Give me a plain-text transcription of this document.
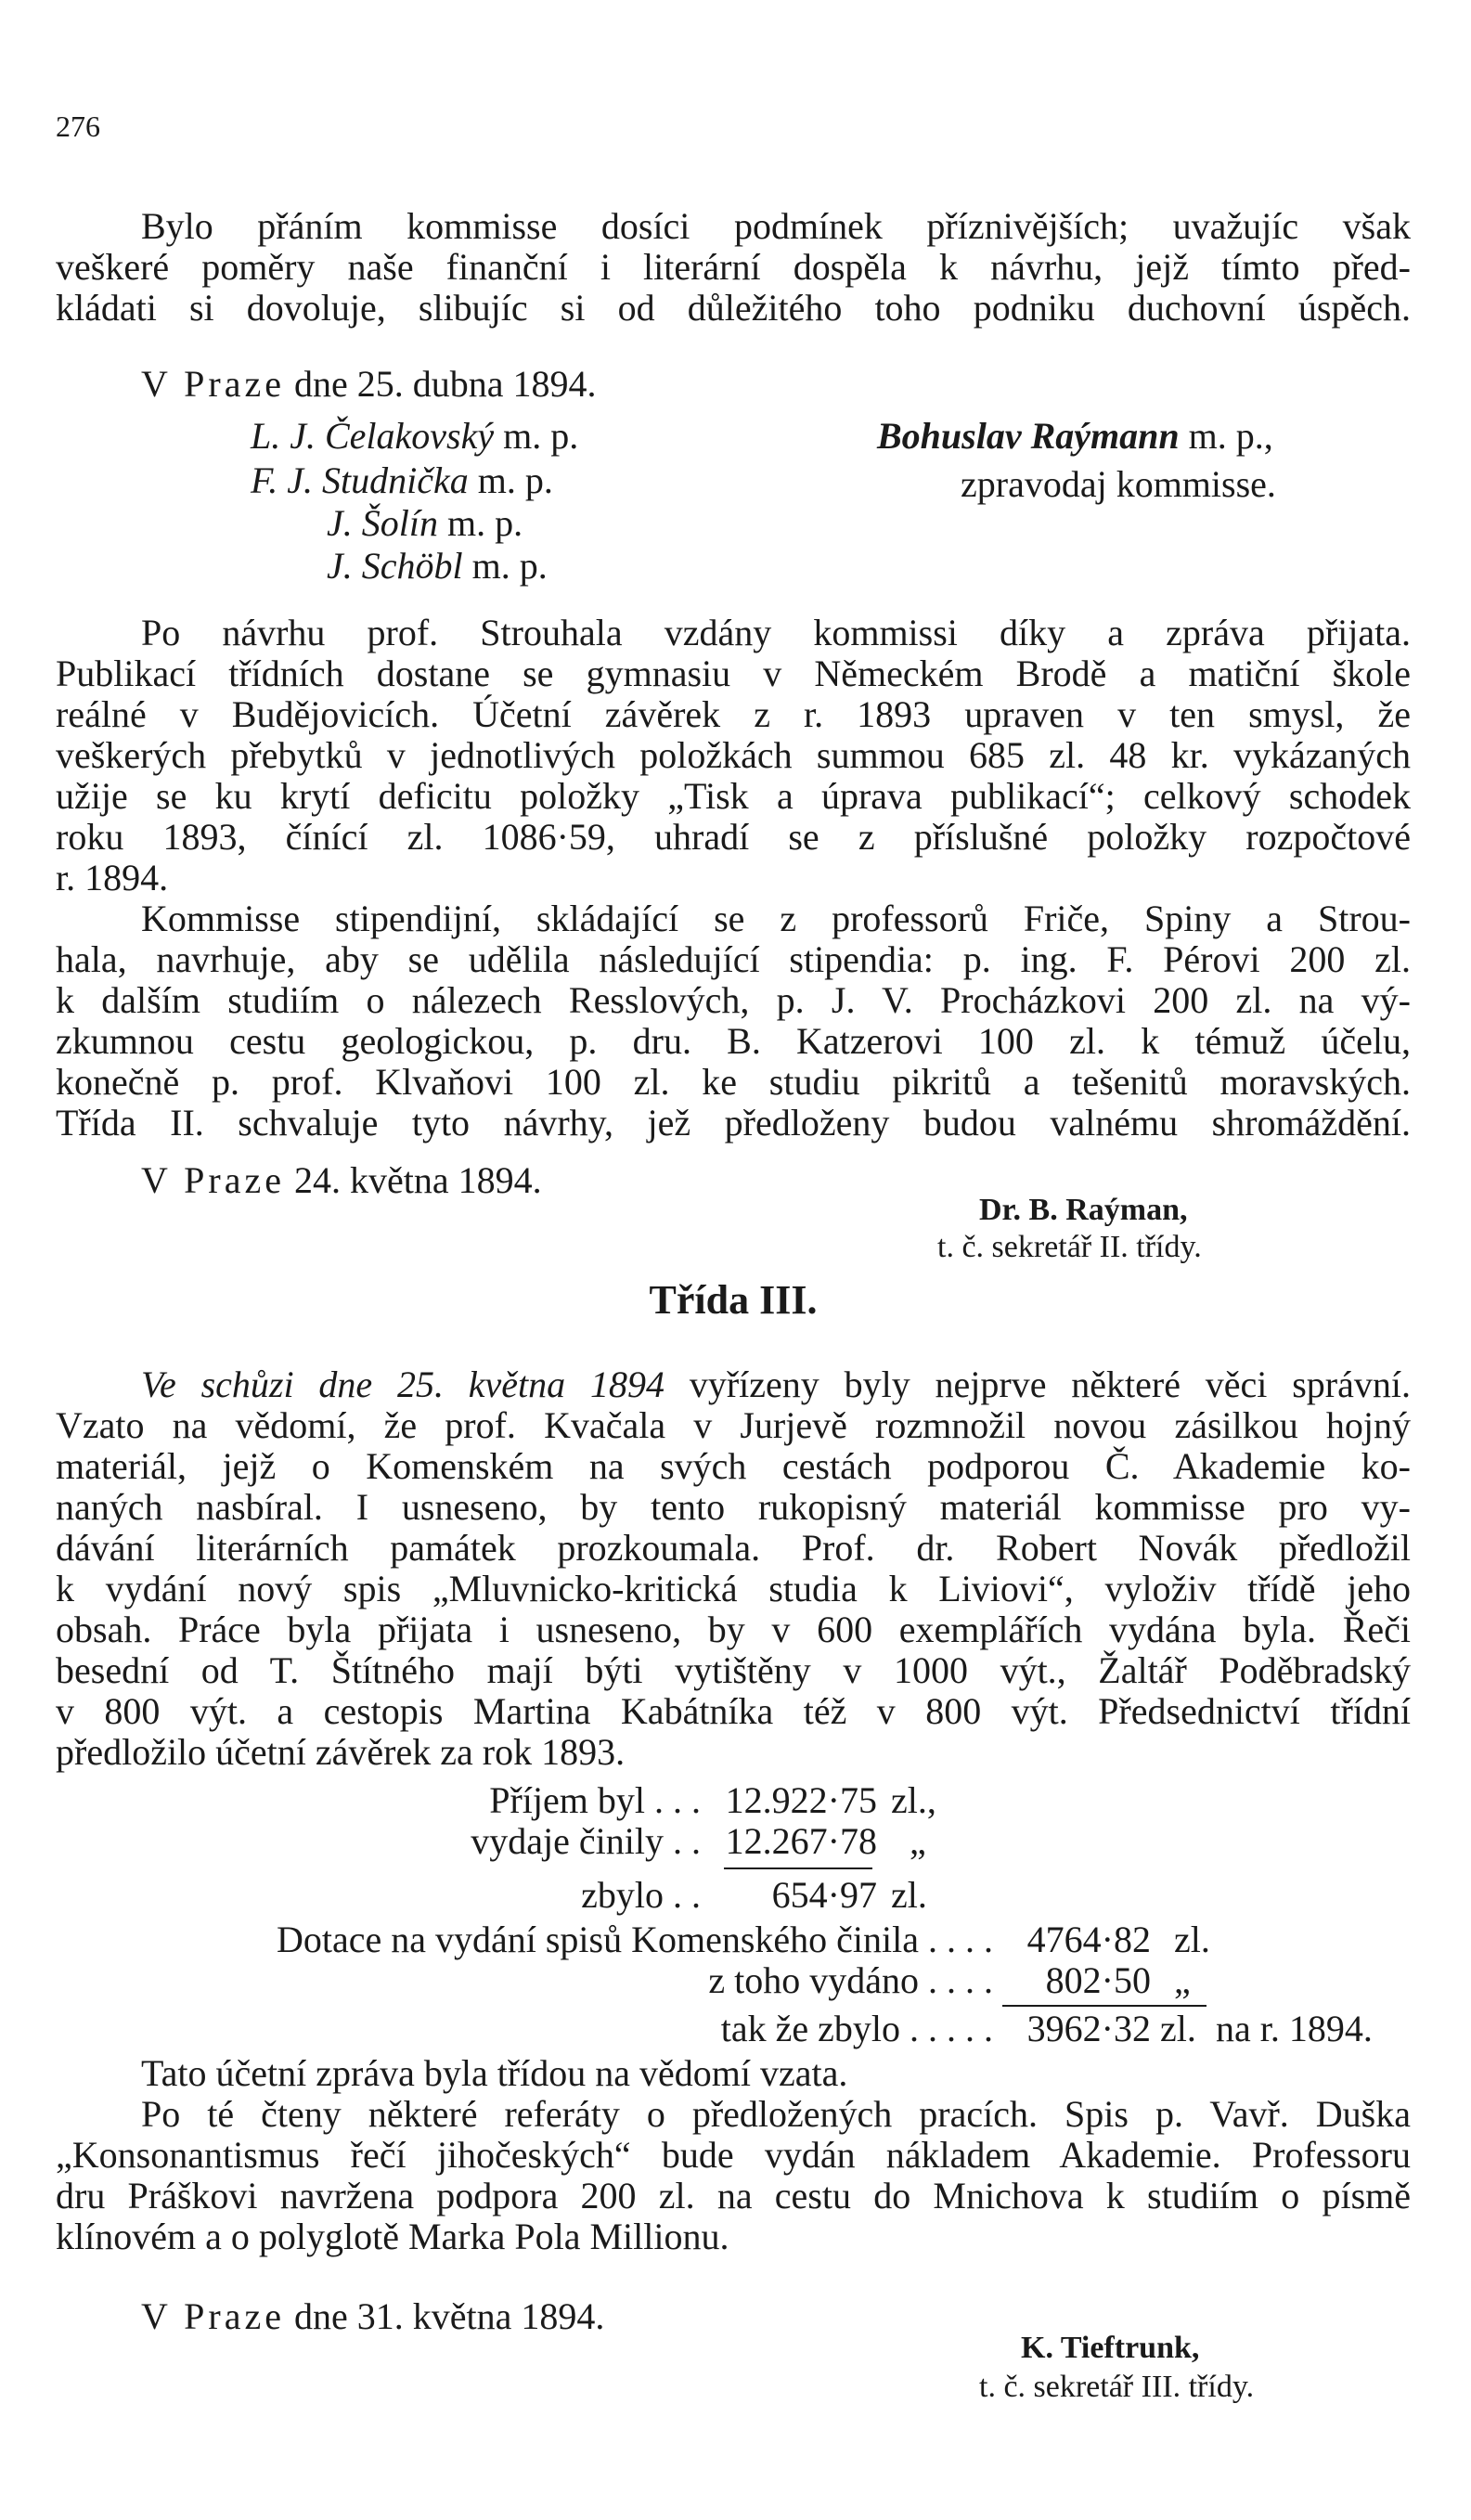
276
Bylo přáním kommisse dosíci podmínek příznivějších; uvažujíc však
veškeré poměry naše finanční i literární dospěla k návrhu, jejž tímto před-
kládati si dovoluje, slibujíc si od důležitého toho podniku duchovní úspěch.
V Praze dne 25. dubna 1894.
L. J. Čelakovský m. p.
F. J. Studnička m. p.
J. Šolín m. p.
J. Schöbl m. p.
Bohuslav Raýmann m. p.,
zpravodaj kommisse.
Po návrhu prof. Strouhala vzdány kommissi díky a zpráva přijata.
Publikací třídních dostane se gymnasiu v Německém Brodě a matiční škole
reálné v Budějovicích. Účetní závěrek z r. 1893 upraven v ten smysl, že
veškerých přebytků v jednotlivých položkách summou 685 zl. 48 kr. vykázaných
užije se ku krytí deficitu položky „Tisk a úprava publikací“; celkový schodek
roku 1893, čínící zl. 1086·59, uhradí se z příslušné položky rozpočtové
r. 1894.
Kommisse stipendijní, skládající se z professorů Friče, Spiny a Strou-
hala, navrhuje, aby se udělila následující stipendia: p. ing. F. Pérovi 200 zl.
k dalším studiím o nálezech Resslových, p. J. V. Procházkovi 200 zl. na vý-
zkumnou cestu geologickou, p. dru. B. Katzerovi 100 zl. k témuž účelu,
konečně p. prof. Klvaňovi 100 zl. ke studiu pikritů a tešenitů moravských.
Třída II. schvaluje tyto návrhy, jež předloženy budou valnému shromáždění.
V Praze 24. května 1894.
Dr. B. Raýman,
t. č. sekretář II. třídy.
Třída III.
Ve schůzi dne 25. května 1894 vyřízeny byly nejprve některé věci správní.
Vzato na vědomí, že prof. Kvačala v Jurjevě rozmnožil novou zásilkou hojný
materiál, jejž o Komenském na svých cestách podporou Č. Akademie ko-
naných nasbíral. I usneseno, by tento rukopisný materiál kommisse pro vy-
dávání literárních památek prozkoumala. Prof. dr. Robert Novák předložil
k vydání nový spis „Mluvnicko-kritická studia k Liviovi“, vyloživ třídě jeho
obsah. Práce byla přijata i usneseno, by v 600 exemplářích vydána byla. Řeči
besední od T. Štítného mají býti vytištěny v 1000 výt., Žaltář Poděbradský
v 800 výt. a cestopis Martina Kabátníka též v 800 výt. Předsednictví třídní
předložilo účetní závěrek za rok 1893.
Příjem byl . . . 12.922·75 zl.,
vydaje činily . . 12.267·78 „
zbylo . .	654·97 zl.
Dotace na vydání spisů Komenského činila . . . . 4764·82 zl.
z toho vydáno . . . .	802·50 „
tak že zbylo . . . . . 3962·32 zl. na r. 1894.
Tato účetní zpráva byla třídou na vědomí vzata.
Po té čteny některé referáty o předložených pracích. Spis p. Vavř. Duška
„Konsonantismus řečí jihočeských“ bude vydán nákladem Akademie. Professoru
dru Práškovi navržena podpora 200 zl. na cestu do Mnichova k studiím o písmě
klínovém a o polyglotě Marka Pola Millionu.
V Praze dne 31. května 1894.
K. Tieftrunk,
t. č. sekretář III. třídy.
